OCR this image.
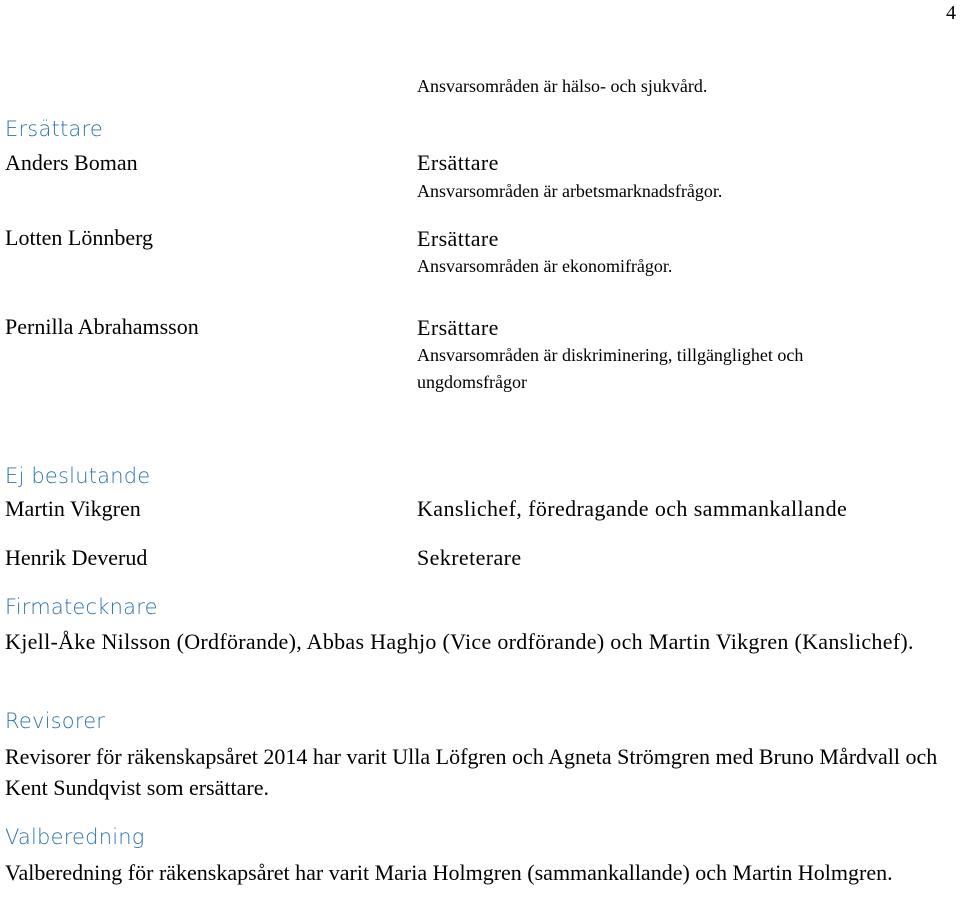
4
Ansvarsområden är hälso- och sjukvård.
Ersättare
Anders Boman	Ersättare
Ansvarsområden är arbetsmarknadsfrågor.
Lotten Lönnberg	Ersättare
Ansvarsområden är ekonomifrågor.
Pernilla Abrahamsson	Ersättare
Ansvarsområden är diskriminering, tillgänglighet och
ungdomsfrågor
Ej beslutande
Martin Vikgren	Kanslichef, föredragande och sammankallande
Henrik Deverud	Sekreterare
Firmatecknare
Kjell-Åke Nilsson (Ordförande), Abbas Haghjo (Vice ordförande) och Martin Vikgren (Kanslichef).
Revisorer
Revisorer för räkenskapsåret 2014 har varit Ulla Löfgren och Agneta Strömgren med Bruno Mårdvall och Kent Sundqvist som ersättare.
Valberedning
Valberedning för räkenskapsåret har varit Maria Holmgren (sammankallande) och Martin Holmgren.
